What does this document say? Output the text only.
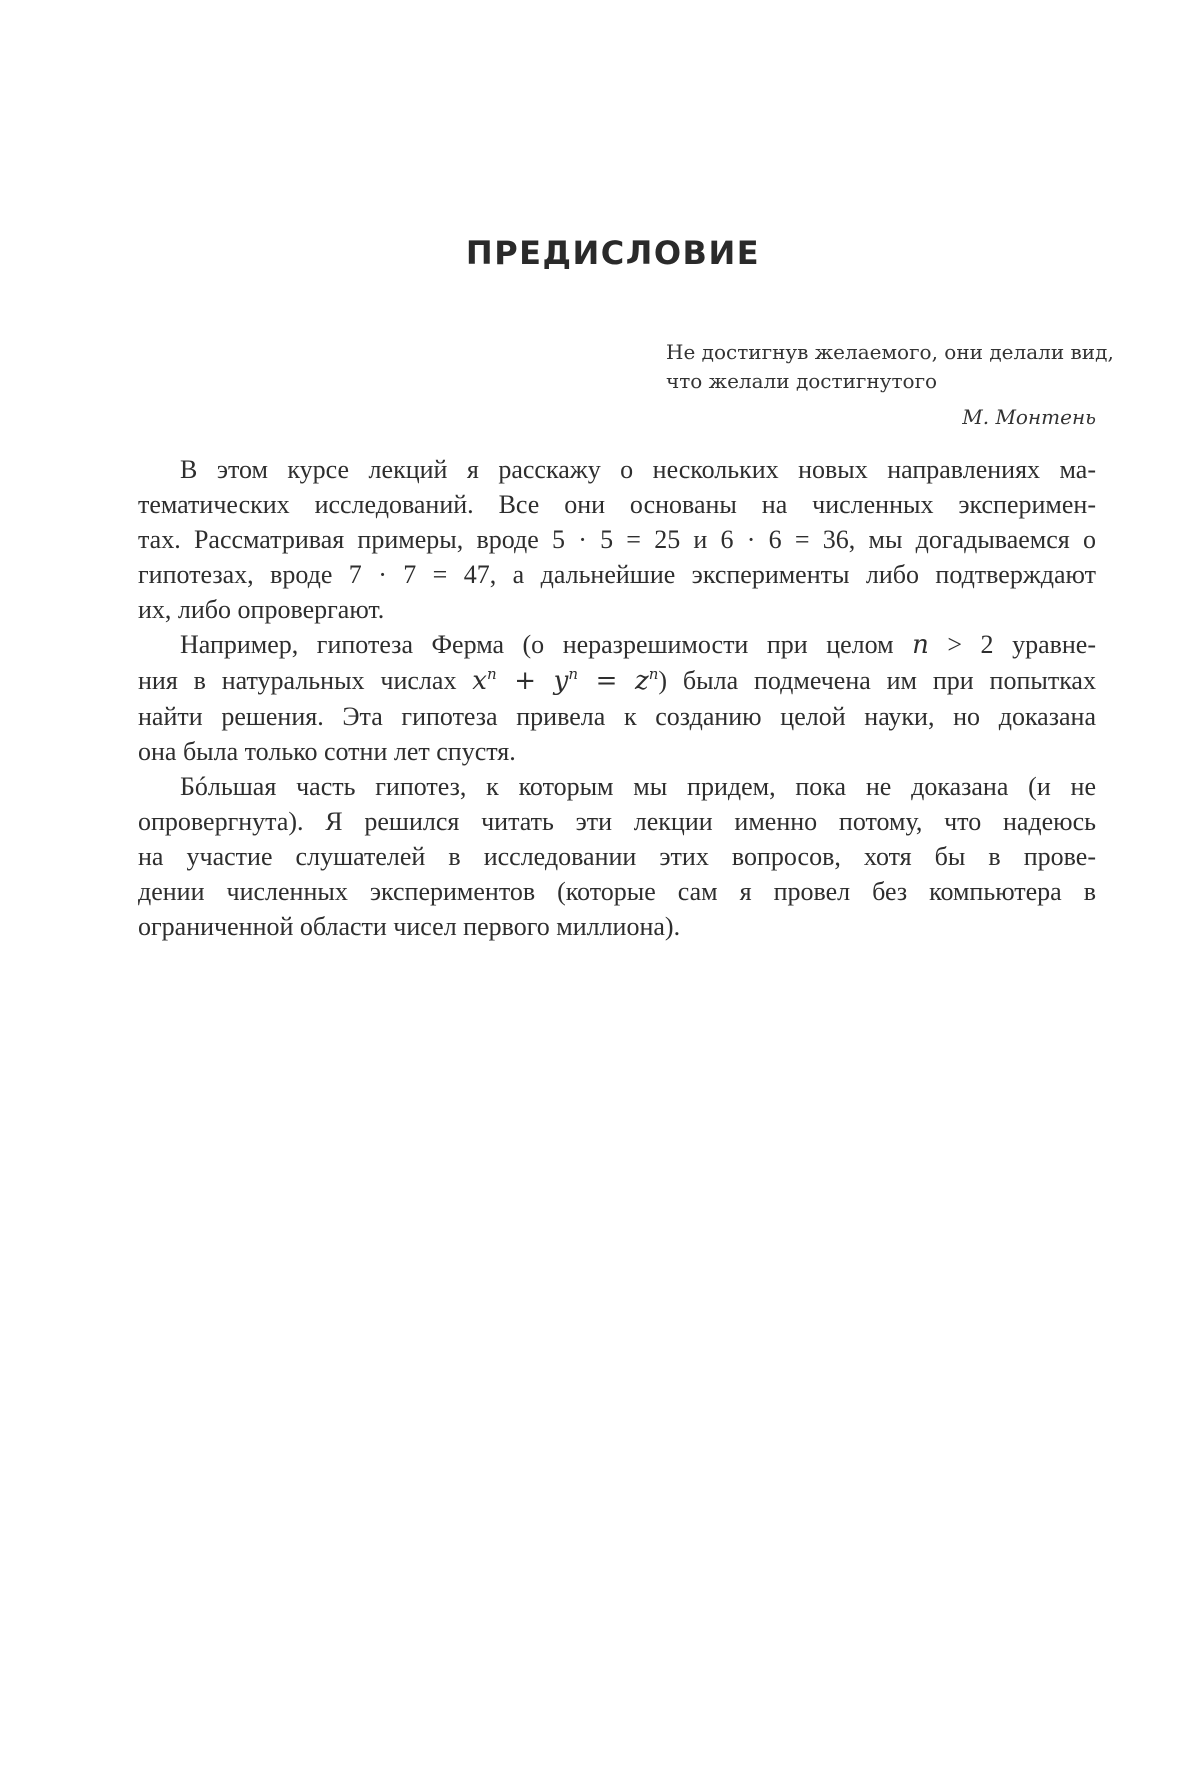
ПРЕДИСЛОВИЕ
Не достигнув желаемого, они делали вид,
что желали достигнутого
М. Монтень
В этом курсе лекций я расскажу о нескольких новых направлениях ма-
тематических исследований. Все они основаны на численных эксперимен-
тах. Рассматривая примеры, вроде 5 · 5 = 25 и 6 · 6 = 36, мы догадываемся о
гипотезах, вроде 7 · 7 = 47, а дальнейшие эксперименты либо подтверждают
их, либо опровергают.
Например, гипотеза Ферма (о неразрешимости при целом n > 2 уравне-
ния в натуральных числах xn + yn = zn) была подмечена им при попытках
найти решения. Эта гипотеза привела к созданию целой науки, но доказана
она была только сотни лет спустя.
Бóльшая часть гипотез, к которым мы придем, пока не доказана (и не
опровергнута). Я решился читать эти лекции именно потому, что надеюсь
на участие слушателей в исследовании этих вопросов, хотя бы в прове-
дении численных экспериментов (которые сам я провел без компьютера в
ограниченной области чисел первого миллиона).
